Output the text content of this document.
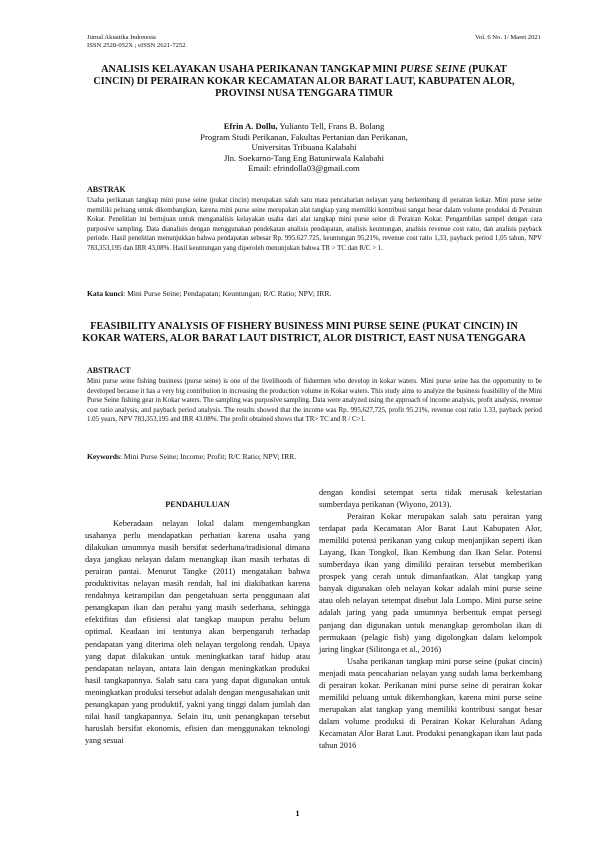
Jurnal Akuatika Indonesia
ISSN 2528-052X ; eISSN 2621-7252
Vol. 6 No. 1/ Maret 2021
ANALISIS KELAYAKAN USAHA PERIKANAN TANGKAP MINI PURSE SEINE (PUKAT CINCIN) DI PERAIRAN KOKAR KECAMATAN ALOR BARAT LAUT, KABUPATEN ALOR, PROVINSI NUSA TENGGARA TIMUR
Efrin A. Dollu, Yulianto Tell, Frans B. Bolang
Program Studi Perikanan, Fakultas Pertanian dan Perikanan,
Universitas Tribuana Kalabahi
Jln. Soekarno-Tang Eng Batunirwala Kalabahi
Email: efrindolla03@gmail.com
ABSTRAK
Usaha perikanan tangkap mini purse seine (pukat cincin) merupakan salah satu mata pencaharian nelayan yang berkembang di perairan kokar. Mini purse seine memiliki peluang untuk dikembangkan, karena mini purse seine merupakan alat tangkap yang memiliki kontribusi sangat besar dalam volume produksi di Perairan Kokar. Penelitian ini bertujuan untuk menganalisis kelayakan usaha dari alat tangkap mini purse seine di Perairan Kokar. Pengambilan sampel dengan cara purposive sampling. Data dianalisis dengan menggunakan pendekatan analisis pendapatan, analisis keuntungan, analisis revenue cost ratio, dan analisis payback periode. Hasil penelitian menunjukkan bahwa pendapatan sebesar Rp. 995.627.725, keuntungan 95,21%, revenue cost ratio 1,33, payback period 1,05 tahun, NPV 783,353,195 dan IRR 43,08%. Hasil keuntungan yang diperoleh menunjukan bahwa TR > TC dan R/C > 1.
Kata kunci: Mini Purse Seine; Pendapatan; Keuntungan; R/C Ratio; NPV; IRR.
FEASIBILITY ANALYSIS OF FISHERY BUSINESS MINI PURSE SEINE (PUKAT CINCIN) IN KOKAR WATERS, ALOR BARAT LAUT DISTRICT, ALOR DISTRICT, EAST NUSA TENGGARA
ABSTRACT
Mini purse seine fishing business (purse seine) is one of the livelihoods of fishermen who develop in kokar waters. Mini purse seine has the opportunity to be developed because it has a very big contribution in increasing the production volume in Kokar waters. This study aims to analyze the business feasibility of the Mini Purse Seine fishing gear in Kokar waters. The sampling was purposive sampling. Data were analyzed using the approach of income analysis, profit analysis, revenue cost ratio analysis, and payback period analysis. The results showed that the income was Rp. 995,627,725, profit 95.21%, revenue cost ratio 1.33, payback period 1.05 years, NPV 783,353,195 and IRR 43.08%. The profit obtained shows that TR> TC and R / C>1.
Keywords: Mini Purse Seine; Income; Profit; R/C Ratio; NPV; IRR.
PENDAHULUAN

Keberadaan nelayan lokal dalam mengembangkan usahanya perlu mendapatkan perhatian karena usaha yang dilakukan umumnya masih bersifat sederhana/tradisional dimana daya jangkau nelayan dalam menangkap ikan masih terbatas di perairan pantai. Menurut Tangke (2011) mengatakan bahwa produktivitas nelayan masih rendah, hal ini diakibatkan karena rendahnya ketrampilan dan pengetahuan serta penggunaan alat penangkapan ikan dan perahu yang masih sederhana, sehingga efektifitas dan efisiensi alat tangkap maupun perahu belum optimal. Keadaan ini tentunya akan berpengaruh terhadap pendapatan yang diterima oleh nelayan tergolong rendah. Upaya yang dapat dilakukan untuk meningkatkan taraf hidup atau pendapatan nelayan, antara lain dengan meningkatkan produksi hasil tangkapannya. Salah satu cara yang dapat digunakan untuk meningkatkan produksi tersebut adalah dengan mengusahakan unit penangkapan yang produktif, yakni yang tinggi dalam jumlah dan nilai hasil tangkapannya. Selain itu, unit penangkapan tersebut haruslah bersifat ekonomis, efisien dan menggunakan teknologi yang sesuai

dengan kondisi setempat serta tidak merusak kelestarian sumberdaya perikanan (Wiyono, 2013).

Perairan Kokar merupakan salah satu perairan yang terdapat pada Kecamatan Alor Barat Laut Kabupaten Alor, memiliki potensi perikanan yang cukup menjanjikan seperti ikan Layang, Ikan Tongkol, Ikan Kembung dan Ikan Selar. Potensi sumberdaya ikan yang dimiliki perairan tersebut memberikan prospek yang cerah untuk dimanfaatkan. Alat tangkap yang banyak digunakan oleh nelayan kokar adalah mini purse seine atau oleh nelayan setempat disebut Jala Lompo. Mini purse seine adalah jaring yang pada umumnya berbentuk empat persegi panjang dan digunakan untuk menangkap gerombolan ikan di permukaan (pelagic fish) yang digolongkan dalam kelompok jaring lingkar (Silitonga et al., 2016)

Usaha perikanan tangkap mini purse seine (pukat cincin) menjadi mata pencaharian nelayan yang sudah lama berkembang di perairan kokar. Perikanan mini purse seine di perairan kokar memiliki peluang untuk dikembangkan, karena mini purse seine merupakan alat tangkap yang memiliki kontribusi sangat besar dalam volume produksi di Perairan Kokar Kelurahan Adang Kecamatan Alor Barat Laut. Produksi penangkapan ikan laut pada tahun 2016

1
